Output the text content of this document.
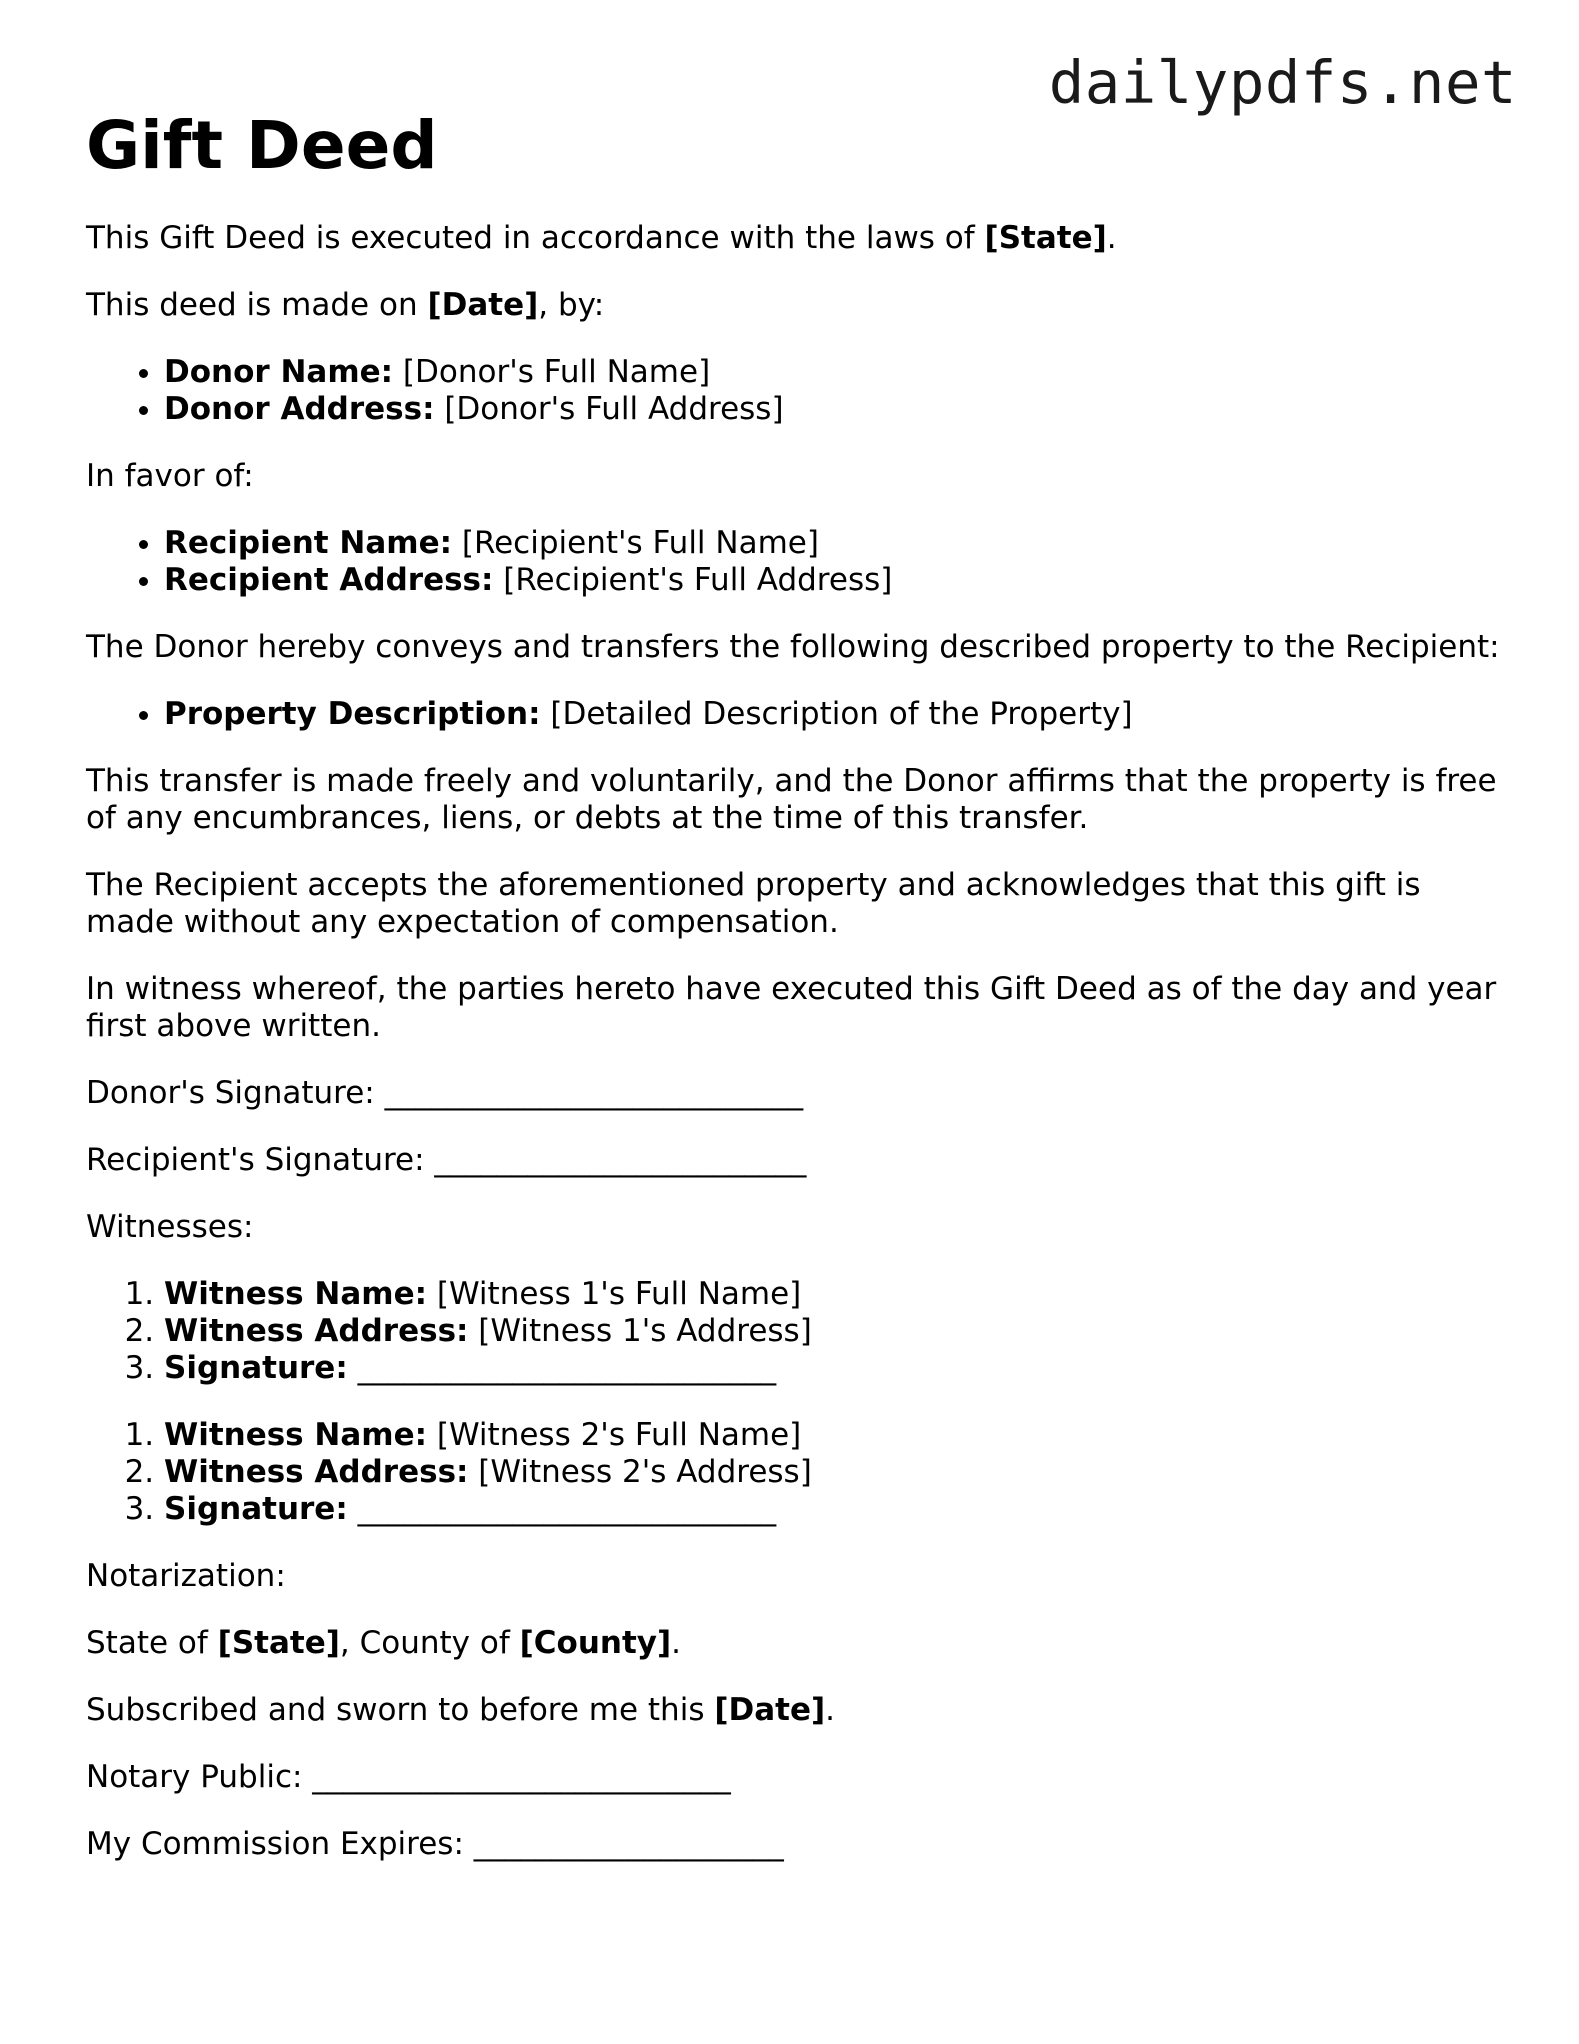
dailypdfs.net
Gift Deed

This Gift Deed is executed in accordance with the laws of [State].

This deed is made on [Date], by:

• Donor Name: [Donor's Full Name]
• Donor Address: [Donor's Full Address]

In favor of:

• Recipient Name: [Recipient's Full Name]
• Recipient Address: [Recipient's Full Address]

The Donor hereby conveys and transfers the following described property to the Recipient:

• Property Description: [Detailed Description of the Property]

This transfer is made freely and voluntarily, and the Donor affirms that the property is free of any encumbrances, liens, or debts at the time of this transfer.

The Recipient accepts the aforementioned property and acknowledges that this gift is made without any expectation of compensation.

In witness whereof, the parties hereto have executed this Gift Deed as of the day and year first above written.

Donor's Signature: ___________________________

Recipient's Signature: ________________________

Witnesses:

1. Witness Name: [Witness 1's Full Name]
2. Witness Address: [Witness 1's Address]
3. Signature: ___________________________
1. Witness Name: [Witness 2's Full Name]
2. Witness Address: [Witness 2's Address]
3. Signature: ___________________________

Notarization:

State of [State], County of [County].

Subscribed and sworn to before me this [Date].

Notary Public: ___________________________

My Commission Expires: ____________________
